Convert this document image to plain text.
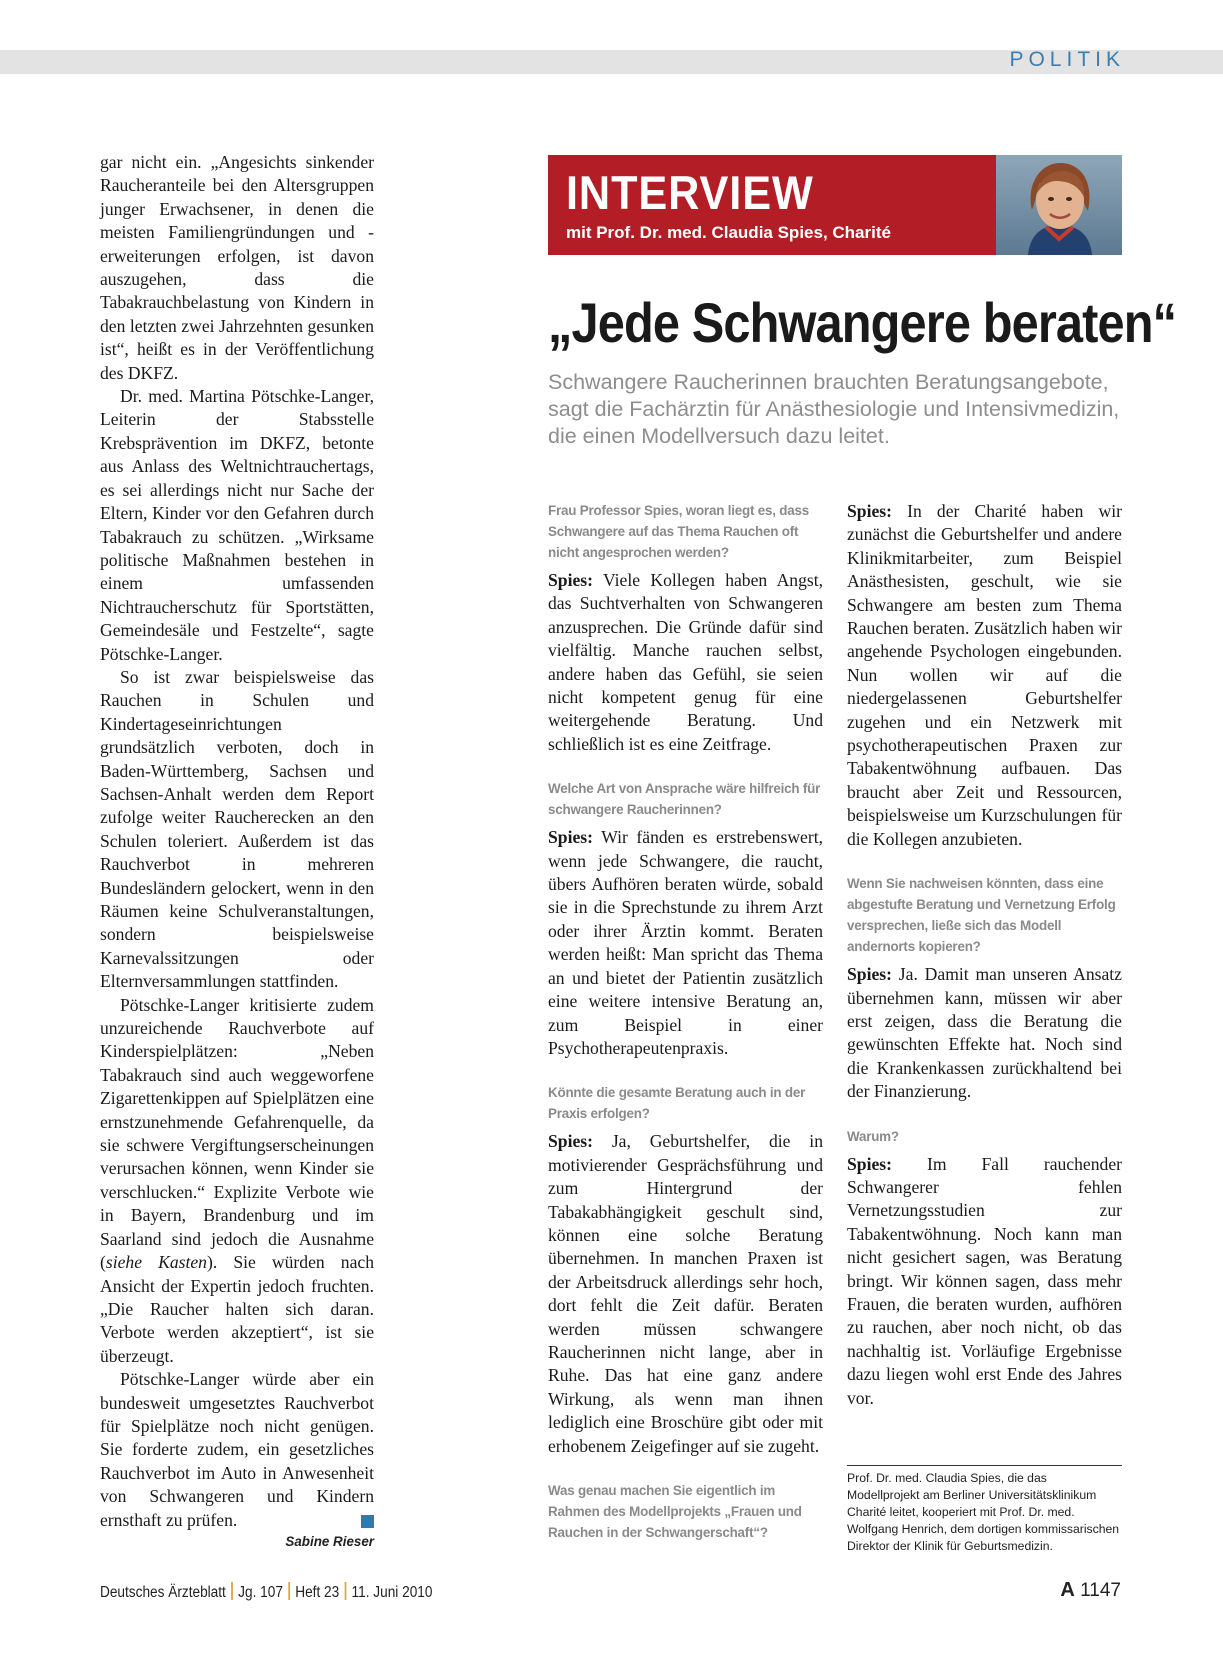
POLITIK

gar nicht ein. „Angesichts sinkender Raucheranteile bei den Altersgruppen junger Erwachsener, in denen die meisten Familiengründungen und -erweiterungen erfolgen, ist davon auszugehen, dass die Tabakrauchbelastung von Kindern in den letzten zwei Jahrzehnten gesunken ist“, heißt es in der Veröffentlichung des DKFZ.

Dr. med. Martina Pötschke-Langer, Leiterin der Stabsstelle Krebsprävention im DKFZ, betonte aus Anlass des Weltnichtrauchertags, es sei allerdings nicht nur Sache der Eltern, Kinder vor den Gefahren durch Tabakrauch zu schützen. „Wirksame politische Maßnahmen bestehen in einem umfassenden Nichtraucherschutz für Sportstätten, Gemeindesäle und Festzelte“, sagte Pötschke-Langer.

So ist zwar beispielsweise das Rauchen in Schulen und Kindertageseinrichtungen grundsätzlich verboten, doch in Baden-Württemberg, Sachsen und Sachsen-Anhalt werden dem Report zufolge weiter Raucherecken an den Schulen toleriert. Außerdem ist das Rauchverbot in mehreren Bundesländern gelockert, wenn in den Räumen keine Schulveranstaltungen, sondern beispielsweise Karnevalssitzungen oder Elternversammlungen stattfinden.

Pötschke-Langer kritisierte zudem unzureichende Rauchverbote auf Kinderspielplätzen: „Neben Tabakrauch sind auch weggeworfene Zigarettenkippen auf Spielplätzen eine ernstzunehmende Gefahrenquelle, da sie schwere Vergiftungserscheinungen verursachen können, wenn Kinder sie verschlucken.“ Explizite Verbote wie in Bayern, Brandenburg und im Saarland sind jedoch die Ausnahme (siehe Kasten). Sie würden nach Ansicht der Expertin jedoch fruchten. „Die Raucher halten sich daran. Verbote werden akzeptiert“, ist sie überzeugt.

Pötschke-Langer würde aber ein bundesweit umgesetztes Rauchverbot für Spielplätze noch nicht genügen. Sie forderte zudem, ein gesetzliches Rauchverbot im Auto in Anwesenheit von Schwangeren und Kindern ernsthaft zu prüfen.

Sabine Rieser
INTERVIEW
mit Prof. Dr. med. Claudia Spies, Charité
„Jede Schwangere beraten“
Schwangere Raucherinnen brauchten Beratungsangebote, sagt die Fachärztin für Anästhesiologie und Intensivmedizin, die einen Modellversuch dazu leitet.

Frau Professor Spies, woran liegt es, dass Schwangere auf das Thema Rauchen oft nicht angesprochen werden?

Spies: Viele Kollegen haben Angst, das Suchtverhalten von Schwangeren anzusprechen. Die Gründe dafür sind vielfältig. Manche rauchen selbst, andere haben das Gefühl, sie seien nicht kompetent genug für eine weitergehende Beratung. Und schließlich ist es eine Zeitfrage.

Welche Art von Ansprache wäre hilfreich für schwangere Raucherinnen?

Spies: Wir fänden es erstrebenswert, wenn jede Schwangere, die raucht, übers Aufhören beraten würde, sobald sie in die Sprechstunde zu ihrem Arzt oder ihrer Ärztin kommt. Beraten werden heißt: Man spricht das Thema an und bietet der Patientin zusätzlich eine weitere intensive Beratung an, zum Beispiel in einer Psychotherapeutenpraxis.

Könnte die gesamte Beratung auch in der Praxis erfolgen?

Spies: Ja, Geburtshelfer, die in motivierender Gesprächsführung und zum Hintergrund der Tabakabhängigkeit geschult sind, können eine solche Beratung übernehmen. In manchen Praxen ist der Arbeitsdruck allerdings sehr hoch, dort fehlt die Zeit dafür. Beraten werden müssen schwangere Raucherinnen nicht lange, aber in Ruhe. Das hat eine ganz andere Wirkung, als wenn man ihnen lediglich eine Broschüre gibt oder mit erhobenem Zeigefinger auf sie zugeht.

Was genau machen Sie eigentlich im Rahmen des Modellprojekts „Frauen und Rauchen in der Schwangerschaft“?

Spies: In der Charité haben wir zunächst die Geburtshelfer und andere Klinikmitarbeiter, zum Beispiel Anästhesisten, geschult, wie sie Schwangere am besten zum Thema Rauchen beraten. Zusätzlich haben wir angehende Psychologen eingebunden. Nun wollen wir auf die niedergelassenen Geburtshelfer zugehen und ein Netzwerk mit psychotherapeutischen Praxen zur Tabakentwöhnung aufbauen. Das braucht aber Zeit und Ressourcen, beispielsweise um Kurzschulungen für die Kollegen anzubieten.

Wenn Sie nachweisen könnten, dass eine abgestufte Beratung und Vernetzung Erfolg versprechen, ließe sich das Modell andernorts kopieren?

Spies: Ja. Damit man unseren Ansatz übernehmen kann, müssen wir aber erst zeigen, dass die Beratung die gewünschten Effekte hat. Noch sind die Krankenkassen zurückhaltend bei der Finanzierung.

Warum?

Spies: Im Fall rauchender Schwangerer fehlen Vernetzungsstudien zur Tabakentwöhnung. Noch kann man nicht gesichert sagen, was Beratung bringt. Wir können sagen, dass mehr Frauen, die beraten wurden, aufhören zu rauchen, aber noch nicht, ob das nachhaltig ist. Vorläufige Ergebnisse dazu liegen wohl erst Ende des Jahres vor.

Prof. Dr. med. Claudia Spies, die das Modellprojekt am Berliner Universitätsklinikum Charité leitet, kooperiert mit Prof. Dr. med. Wolfgang Henrich, dem dortigen kommissarischen Direktor der Klinik für Geburtsmedizin.
Deutsches Ärzteblatt Jg. 107 Heft 23 11. Juni 2010	A 1147
